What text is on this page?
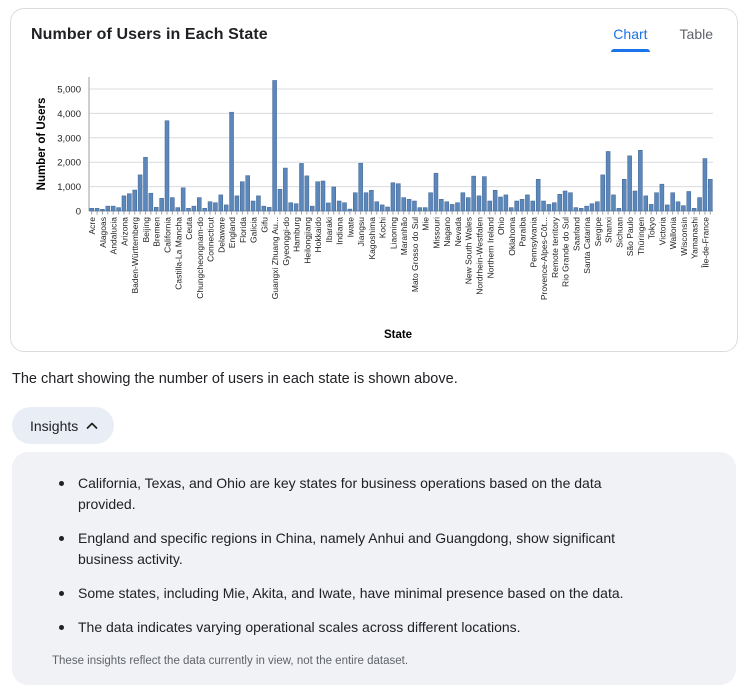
Number of Users in Each State	Chart Table
0
1,000
2,000
3,000
4,000
5,000
Acre Alagoas Andalucia Arizona Baden-Württemberg Beijing Bremen California Castilla-La Mancha Ceuta Chungcheongnam-do Connecticut Delaware England Florida Galicia Gifu Guangxi Zhuang Au... Gyeonggi-do Hamburg Heilongjiang Hokkaido Ibaraki Indiana Iwate Jiangsu Kagoshima Kochi Liaoning Maranhão Mato Grosso do Sul Mie Missouri Nagano Nevada New South Wales Nordrhein-Westfalen Northern Ireland Ohio Oklahoma Paraíba Pennsylvania Provence-Alpes-Côt... Remote territory Rio Grande do Sul Saarland Santa Catarina Sergipe Shanxi Sichuan São Paulo Thüringen Tokyo Victoria Wallonia Wisconsin Yamanashi Île-de-France
State
Number of Users
The chart showing the number of users in each state is shown above.
Insights
California, Texas, and Ohio are key states for business operations based on the data provided.
England and specific regions in China, namely Anhui and Guangdong, show significant business activity.
Some states, including Mie, Akita, and Iwate, have minimal presence based on the data.
The data indicates varying operational scales across different locations.
These insights reflect the data currently in view, not the entire dataset.
